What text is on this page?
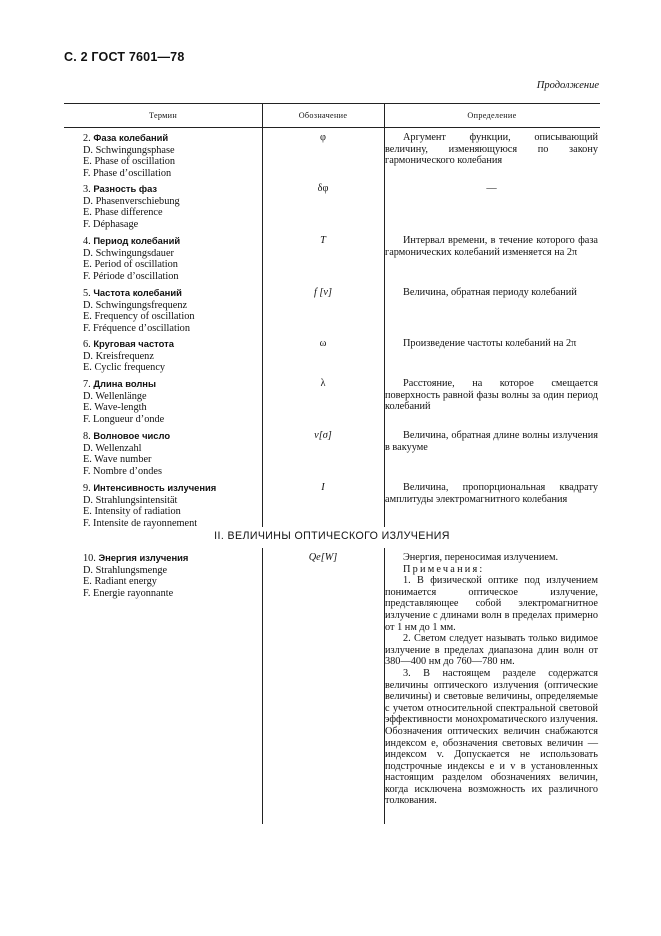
С. 2 ГОСТ 7601—78
Продолжение
Термин	Обозначение	Определение
2. Фаза колебаний
D. Schwingungsphase
E. Phase of oscillation
F. Phase d’oscillation
φ	Аргумент функции, описывающий величину, изменяющуюся по закону гармонического колебания

3. Разность фаз
D. Phasenverschiebung
E. Phase difference
F. Déphasage
δφ	—
4. Период колебаний
D. Schwingungsdauer
E. Period of oscillation
F. Période d’oscillation
T	Интервал времени, в течение которого фаза гармонических колебаний изменяется на 2π

5. Частота колебаний
D. Schwingungsfrequenz
E. Frequency of oscillation
F. Fréquence d’oscillation
f [ν]	Величина, обратная периоду колебаний

6. Круговая частота
D. Kreisfrequenz
E. Cyclic frequency
ω	Произведение частоты колебаний на 2π

7. Длина волны
D. Wellenlänge
E. Wave-length
F. Longueur d’onde
λ	Расстояние, на которое смещается поверхность равной фазы волны за один период колебаний

8. Волновое число
D. Wellenzahl
E. Wave number
F. Nombre d’ondes
ν[σ]	Величина, обратная длине волны излучения в вакууме

9. Интенсивность излучения
D. Strahlungsintensität
E. Intensity of radiation
F. Intensite de rayonnement
I	Величина, пропорциональная квадрату амплитуды электромагнитного колебания

II. ВЕЛИЧИНЫ ОПТИЧЕСКОГО ИЗЛУЧЕНИЯ
10. Энергия излучения
D. Strahlungsmenge
E. Radiant energy
F. Energie rayonnante
Qe[W]	Энергия, переносимая излучением.

Примечания:

1. В физической оптике под излучением понимается оптическое излучение, представляющее собой электромагнитное излучение с длинами волн в пределах примерно от 1 нм до 1 мм.

2. Светом следует называть только видимое излучение в пределах диапазона длин волн от 380—400 нм до 760—780 нм.

3. В настоящем разделе содержатся величины оптического излучения (оптические величины) и световые величины, определяемые с учетом относительной спектральной световой эффективности монохроматического излучения. Обозначения оптических величин снабжаются индексом e, обозначения световых величин — индексом v. Допускается не использовать подстрочные индексы e и v в установленных настоящим разделом обозначениях величин, когда исключена возможность их различного толкования.
